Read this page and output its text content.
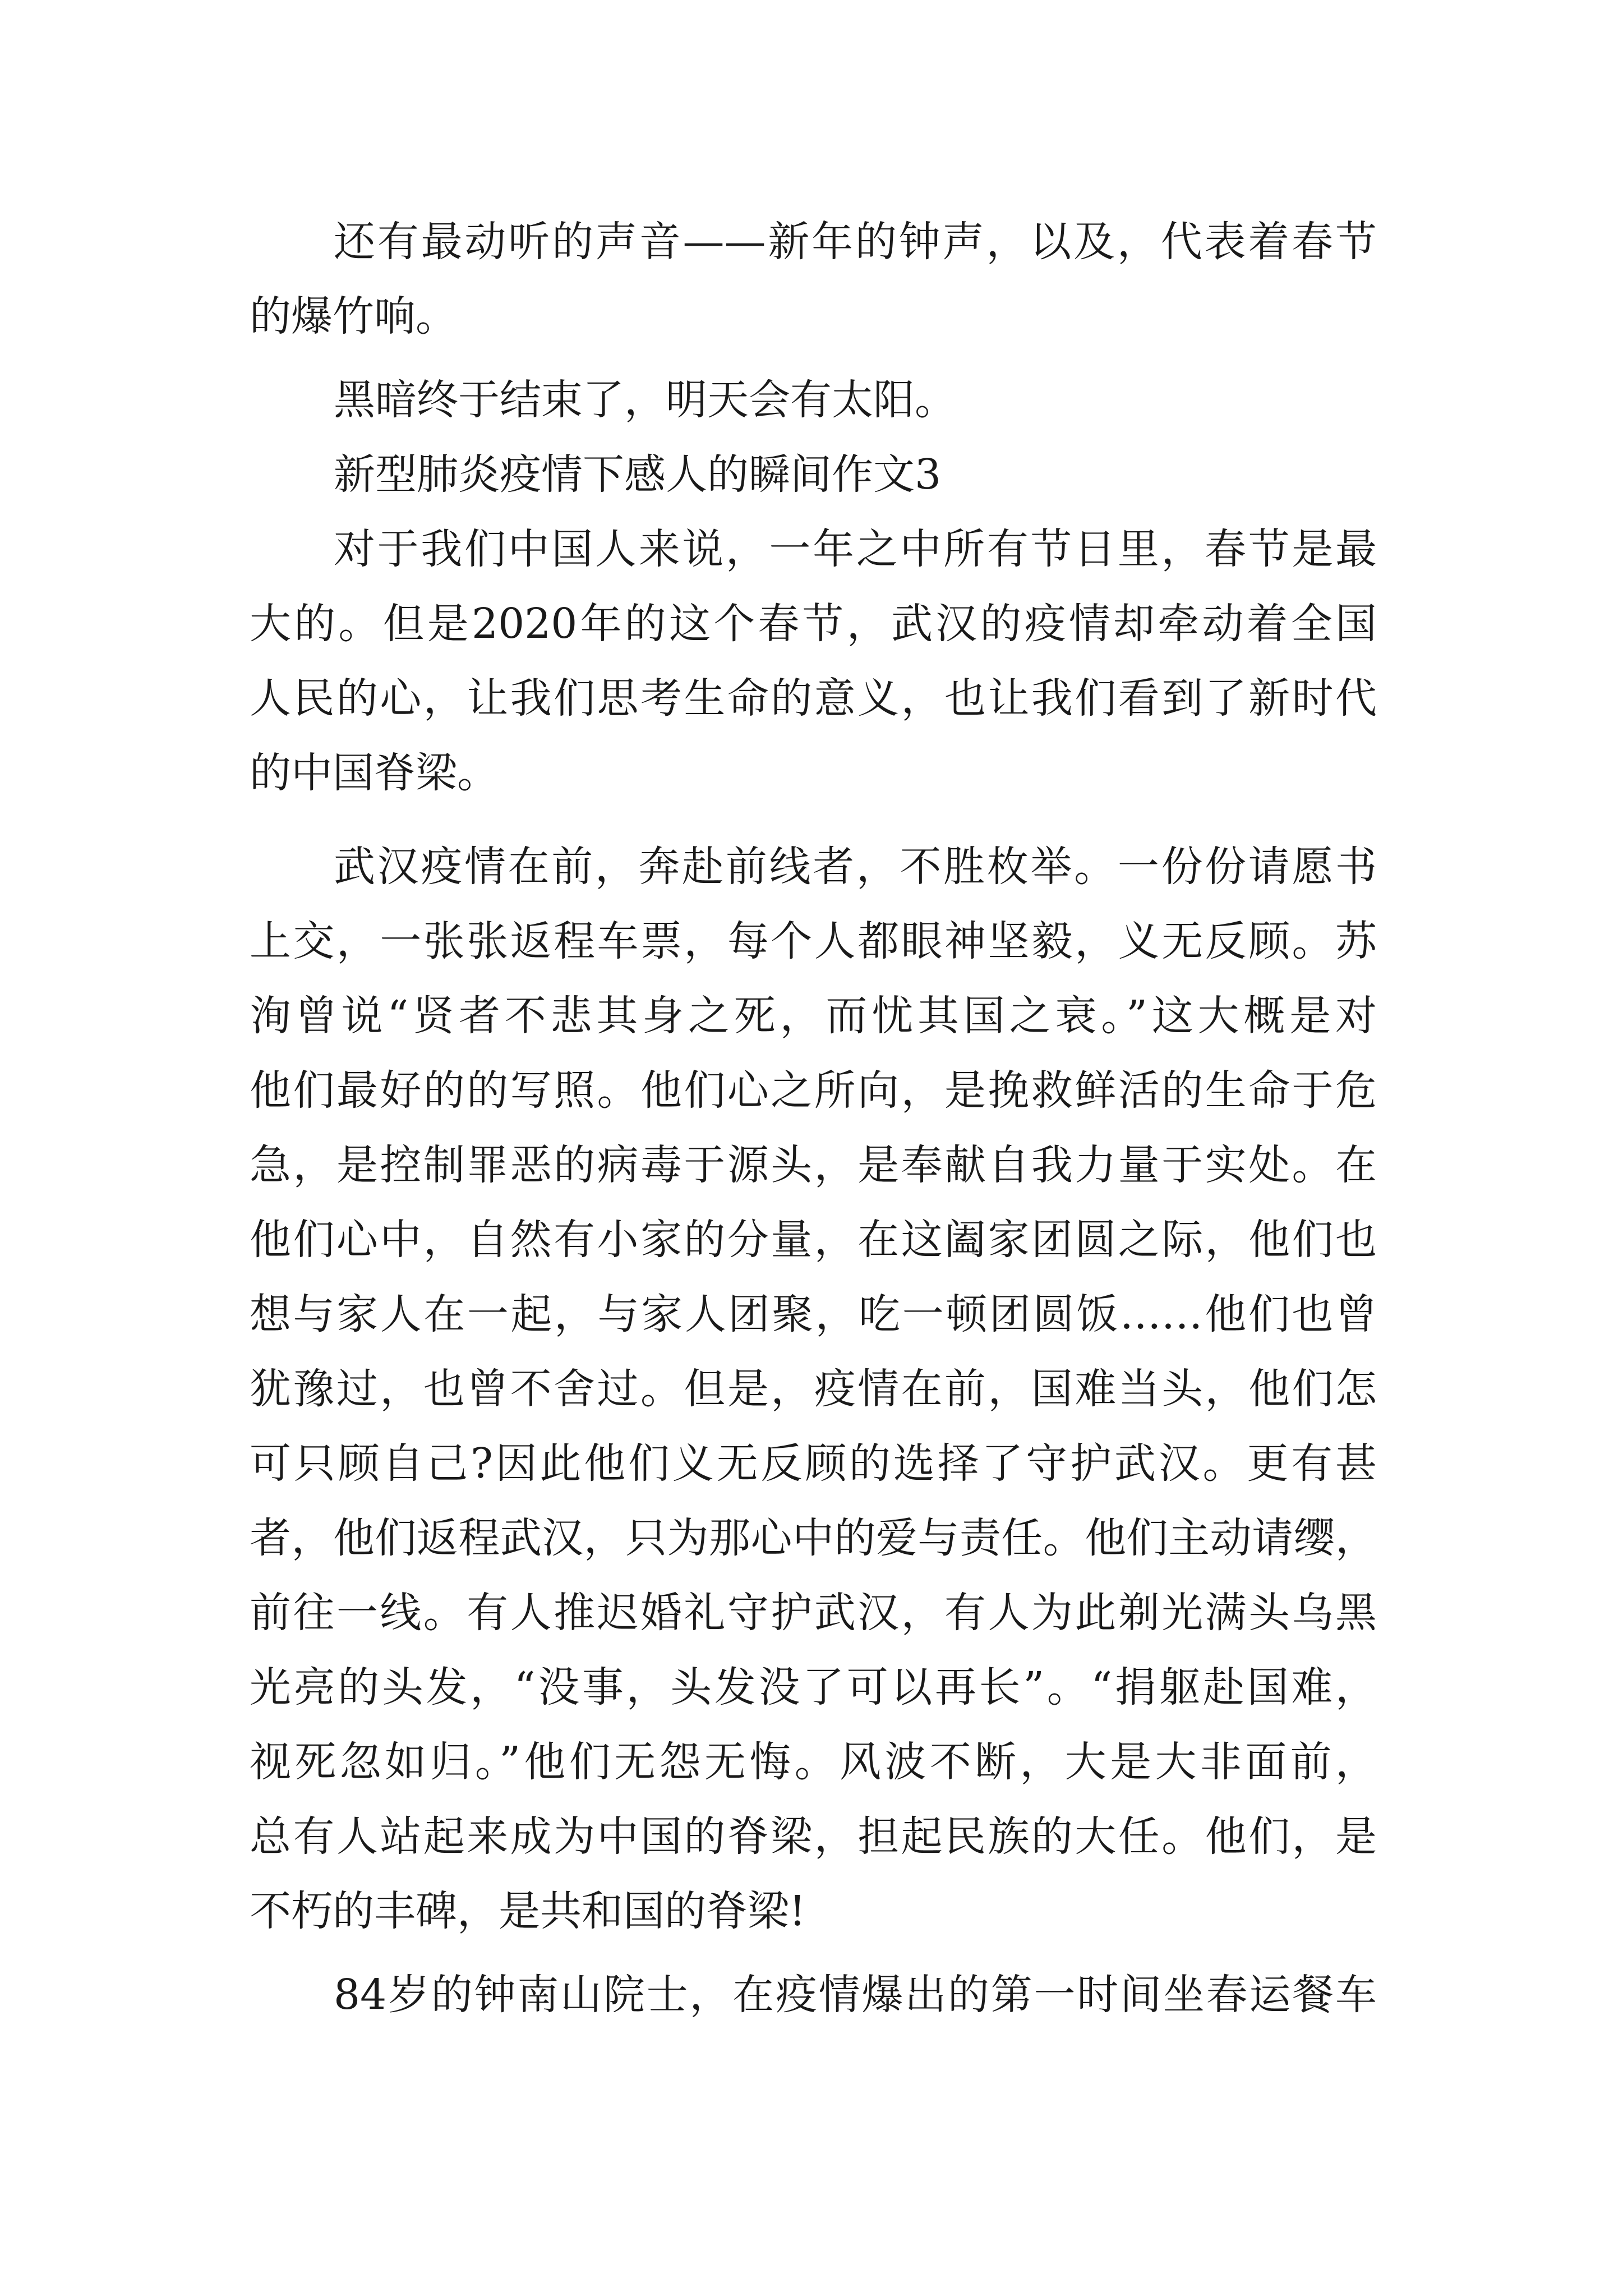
还有最动听的声音——新年的钟声，以及，代表着春节
的爆竹响。
黑暗终于结束了，明天会有太阳。
新型肺炎疫情下感人的瞬间作文3
对于我们中国人来说，一年之中所有节日里，春节是最
大的。但是2020年的这个春节，武汉的疫情却牵动着全国
人民的心，让我们思考生命的意义，也让我们看到了新时代
的中国脊梁。
武汉疫情在前，奔赴前线者，不胜枚举。一份份请愿书
上交，一张张返程车票，每个人都眼神坚毅，义无反顾。苏
洵曾说“贤者不悲其身之死，而忧其国之衰。”这大概是对
他们最好的的写照。他们心之所向，是挽救鲜活的生命于危
急，是控制罪恶的病毒于源头，是奉献自我力量于实处。在
他们心中，自然有小家的分量，在这阖家团圆之际，他们也
想与家人在一起，与家人团聚，吃一顿团圆饭……他们也曾
犹豫过，也曾不舍过。但是，疫情在前，国难当头，他们怎
可只顾自己?因此他们义无反顾的选择了守护武汉。更有甚
者，他们返程武汉，只为那心中的爱与责任。他们主动请缨，
前往一线。有人推迟婚礼守护武汉，有人为此剃光满头乌黑
光亮的头发，“没事，头发没了可以再长”。“捐躯赴国难，
视死忽如归。”他们无怨无悔。风波不断，大是大非面前，
总有人站起来成为中国的脊梁，担起民族的大任。他们，是
不朽的丰碑，是共和国的脊梁!
84岁的钟南山院士，在疫情爆出的第一时间坐春运餐车
